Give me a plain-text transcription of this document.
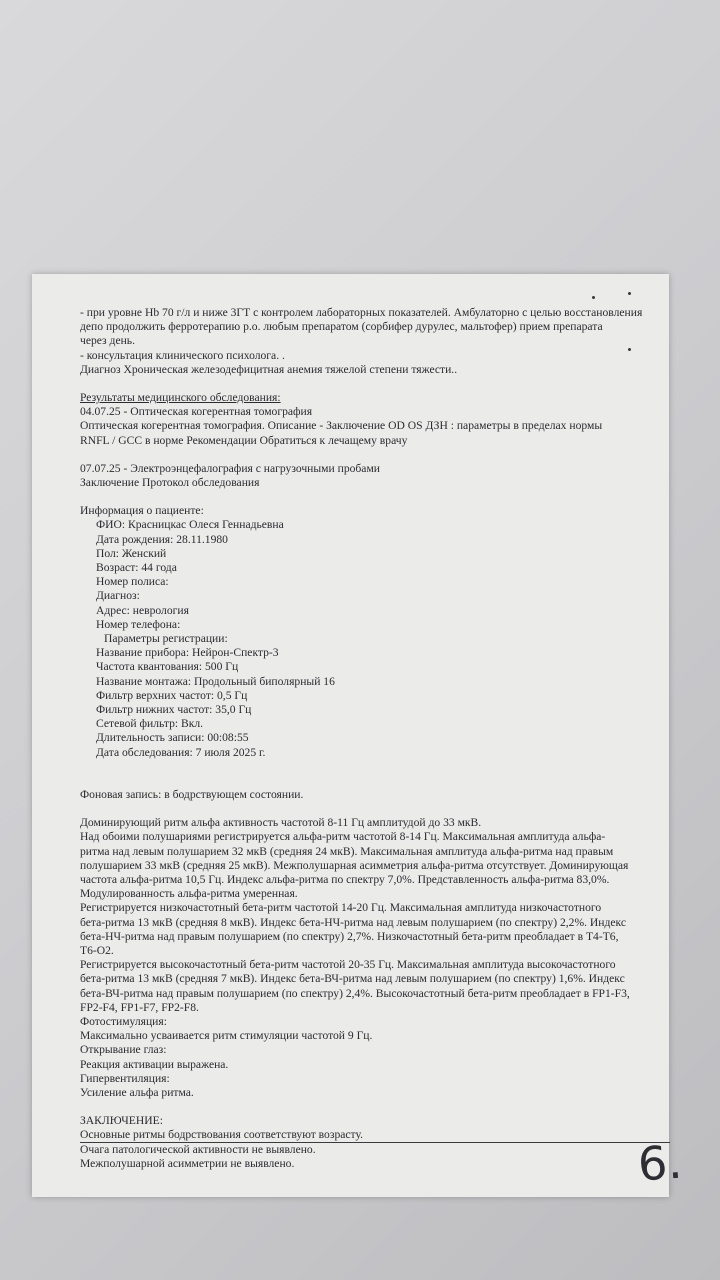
- при уровне Hb 70 г/л и ниже 3ГТ с контролем лабораторных показателей. Амбулаторно с целью восстановления
депо продолжить ферротерапию p.o. любым препаратом (сорбифер дурулес, мальтофер) прием препарата
через день.
- консультация клинического психолога. .
Диагноз Хроническая железодефицитная анемия тяжелой степени тяжести..
Результаты медицинского обследования:
04.07.25 - Оптическая когерентная томография
Оптическая когерентная томография. Описание - Заключение OD OS ДЗН : параметры в пределах нормы
RNFL / GCC в норме Рекомендации Обратиться к лечащему врачу
07.07.25 - Электроэнцефалография с нагрузочными пробами
Заключение Протокол обследования
Информация о пациенте:
ФИО: Красницкас Олеся Геннадьевна
Дата рождения: 28.11.1980
Пол: Женский
Возраст: 44 года
Номер полиса:
Диагноз:
Адрес: неврология
Номер телефона:
Параметры регистрации:
Название прибора: Нейрон-Спектр-3
Частота квантования: 500 Гц
Название монтажа: Продольный биполярный 16
Фильтр верхних частот: 0,5 Гц
Фильтр нижних частот: 35,0 Гц
Сетевой фильтр: Вкл.
Длительность записи: 00:08:55
Дата обследования: 7 июля 2025 г.
Фоновая запись: в бодрствующем состоянии.
Доминирующий ритм альфа активность частотой 8-11 Гц амплитудой до 33 мкВ.
Над обоими полушариями регистрируется альфа-ритм частотой 8-14 Гц. Максимальная амплитуда альфа-
ритма над левым полушарием 32 мкВ (средняя 24 мкВ). Максимальная амплитуда альфа-ритма над правым
полушарием 33 мкВ (средняя 25 мкВ). Межполушарная асимметрия альфа-ритма отсутствует. Доминирующая
частота альфа-ритма 10,5 Гц. Индекс альфа-ритма по спектру 7,0%. Представленность альфа-ритма 83,0%.
Модулированность альфа-ритма умеренная.
Регистрируется низкочастотный бета-ритм частотой 14-20 Гц. Максимальная амплитуда низкочастотного
бета-ритма 13 мкВ (средняя 8 мкВ). Индекс бета-НЧ-ритма над левым полушарием (по спектру) 2,2%. Индекс
бета-НЧ-ритма над правым полушарием (по спектру) 2,7%. Низкочастотный бета-ритм преобладает в T4-T6,
T6-O2.
Регистрируется высокочастотный бета-ритм частотой 20-35 Гц. Максимальная амплитуда высокочастотного
бета-ритма 13 мкВ (средняя 7 мкВ). Индекс бета-ВЧ-ритма над левым полушарием (по спектру) 1,6%. Индекс
бета-ВЧ-ритма над правым полушарием (по спектру) 2,4%. Высокочастотный бета-ритм преобладает в FP1-F3,
FP2-F4, FP1-F7, FP2-F8.
Фотостимуляция:
Максимально усваивается ритм стимуляции частотой 9 Гц.
Открывание глаз:
Реакция активации выражена.
Гипервентиляция:
Усиление альфа ритма.
ЗАКЛЮЧЕНИЕ:
Основные ритмы бодрствования соответствуют возрасту.
Очага патологической активности не выявлено.
Межполушарной асимметрии не выявлено.	6.
